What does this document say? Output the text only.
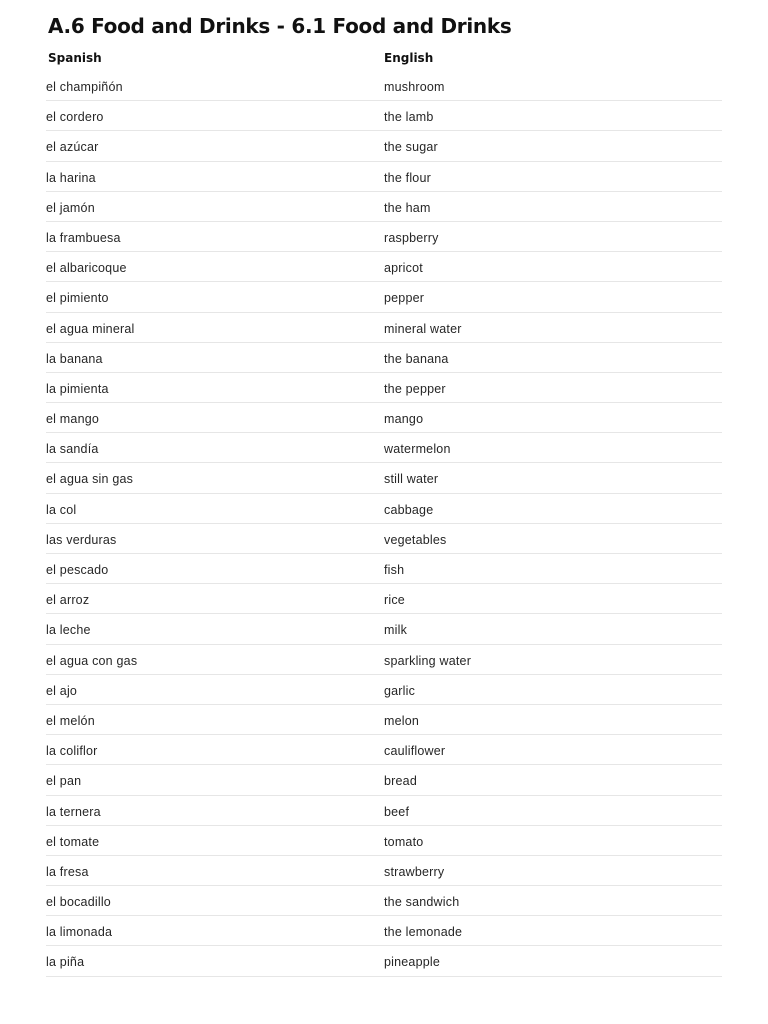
A.6 Food and Drinks - 6.1 Food and Drinks
Spanish	English
el champiñón	mushroom
el cordero	the lamb
el azúcar	the sugar
la harina	the flour
el jamón	the ham
la frambuesa	raspberry
el albaricoque	apricot
el pimiento	pepper
el agua mineral	mineral water
la banana	the banana
la pimienta	the pepper
el mango	mango
la sandía	watermelon
el agua sin gas	still water
la col	cabbage
las verduras	vegetables
el pescado	fish
el arroz	rice
la leche	milk
el agua con gas	sparkling water
el ajo	garlic
el melón	melon
la coliflor	cauliflower
el pan	bread
la ternera	beef
el tomate	tomato
la fresa	strawberry
el bocadillo	the sandwich
la limonada	the lemonade
la piña	pineapple
